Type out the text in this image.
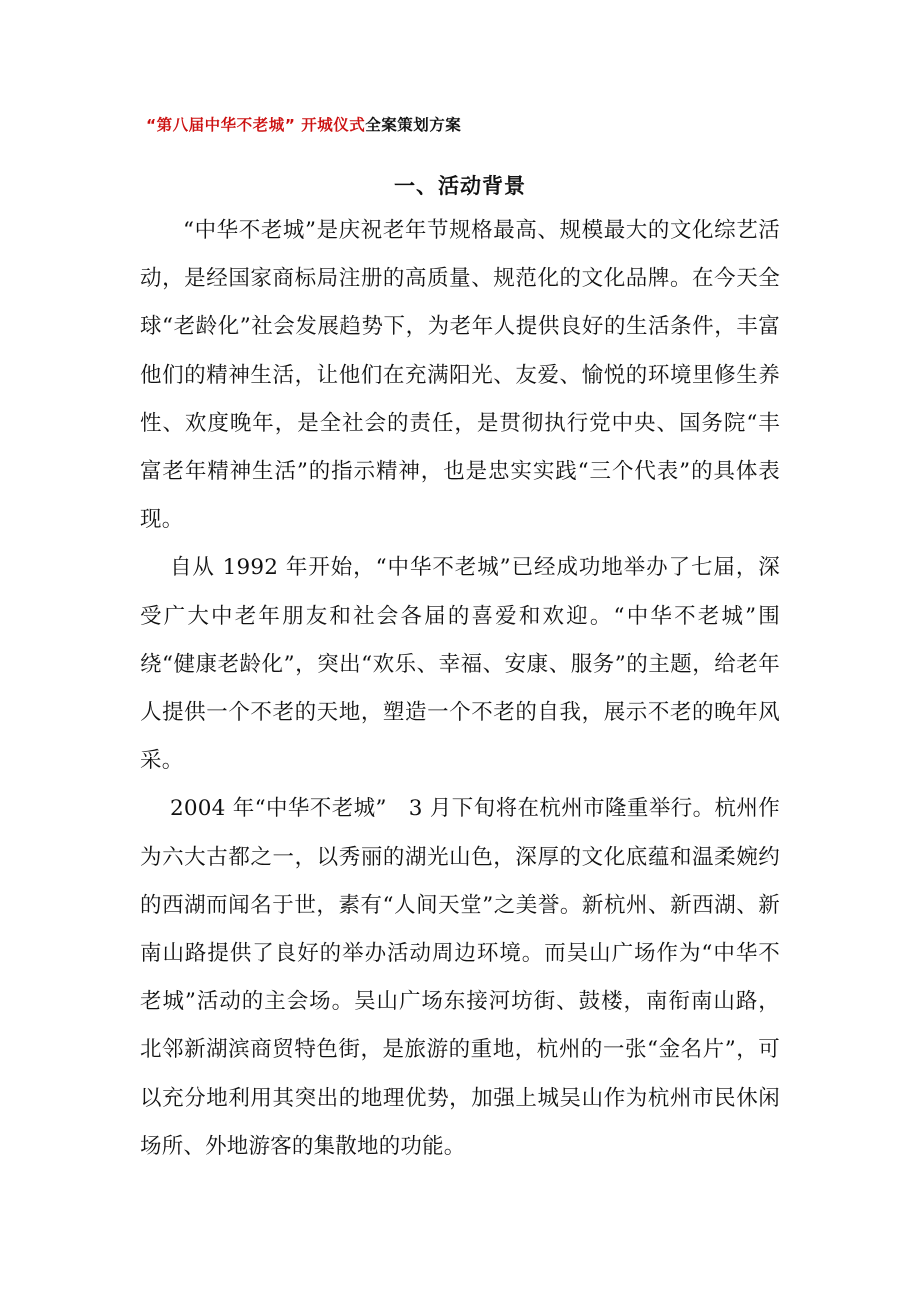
“第八届中华不老城” 开城仪式全案策划方案
一、活动背景

“中华不老城”是庆祝老年节规格最高、规模最大的文化综艺活动，是经国家商标局注册的高质量、规范化的文化品牌。在今天全球“老龄化”社会发展趋势下，为老年人提供良好的生活条件，丰富他们的精神生活，让他们在充满阳光、友爱、愉悦的环境里修生养性、欢度晚年，是全社会的责任，是贯彻执行党中央、国务院“丰富老年精神生活”的指示精神，也是忠实实践“三个代表”的具体表现。

自从 1992 年开始，“中华不老城”已经成功地举办了七届，深受广大中老年朋友和社会各届的喜爱和欢迎。“中华不老城”围绕“健康老龄化”，突出“欢乐、幸福、安康、服务”的主题，给老年人提供一个不老的天地，塑造一个不老的自我，展示不老的晚年风采。

2004 年“中华不老城”　3 月下旬将在杭州市隆重举行。杭州作为六大古都之一，以秀丽的湖光山色，深厚的文化底蕴和温柔婉约的西湖而闻名于世，素有“人间天堂”之美誉。新杭州、新西湖、新南山路提供了良好的举办活动周边环境。而吴山广场作为“中华不老城”活动的主会场。吴山广场东接河坊街、鼓楼，南衔南山路，北邻新湖滨商贸特色街，是旅游的重地，杭州的一张“金名片”，可以充分地利用其突出的地理优势，加强上城吴山作为杭州市民休闲场所、外地游客的集散地的功能。
